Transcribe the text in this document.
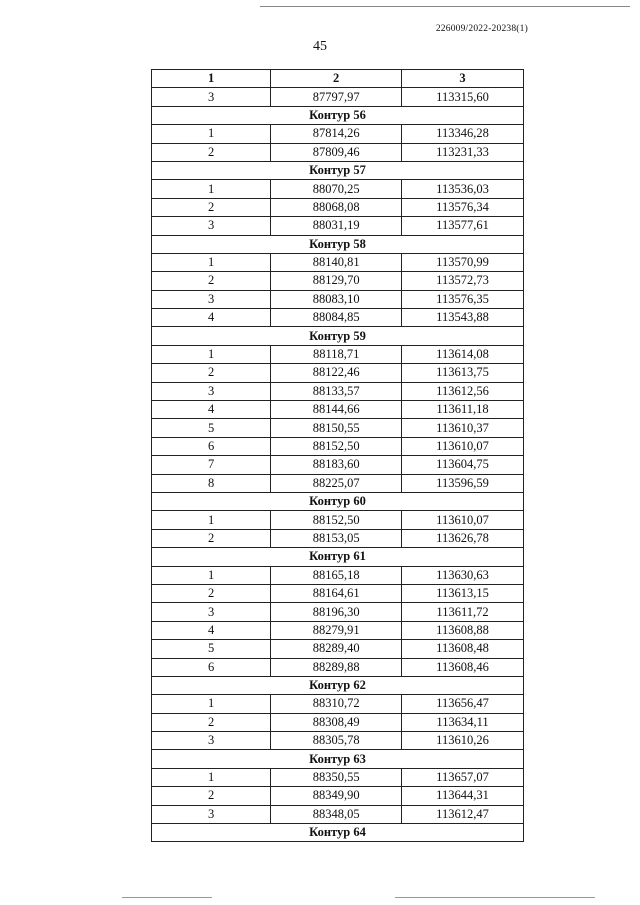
226009/2022-20238(1)
45
1	2	3
3	87797,97	113315,60
Контур 56		
1	87814,26	113346,28
2	87809,46	113231,33
Контур 57		
1	88070,25	113536,03
2	88068,08	113576,34
3	88031,19	113577,61
Контур 58		
1	88140,81	113570,99
2	88129,70	113572,73
3	88083,10	113576,35
4	88084,85	113543,88
Контур 59		
1	88118,71	113614,08
2	88122,46	113613,75
3	88133,57	113612,56
4	88144,66	113611,18
5	88150,55	113610,37
6	88152,50	113610,07
7	88183,60	113604,75
8	88225,07	113596,59
Контур 60		
1	88152,50	113610,07
2	88153,05	113626,78
Контур 61		
1	88165,18	113630,63
2	88164,61	113613,15
3	88196,30	113611,72
4	88279,91	113608,88
5	88289,40	113608,48
6	88289,88	113608,46
Контур 62		
1	88310,72	113656,47
2	88308,49	113634,11
3	88305,78	113610,26
Контур 63		
1	88350,55	113657,07
2	88349,90	113644,31
3	88348,05	113612,47
Контур 64		
